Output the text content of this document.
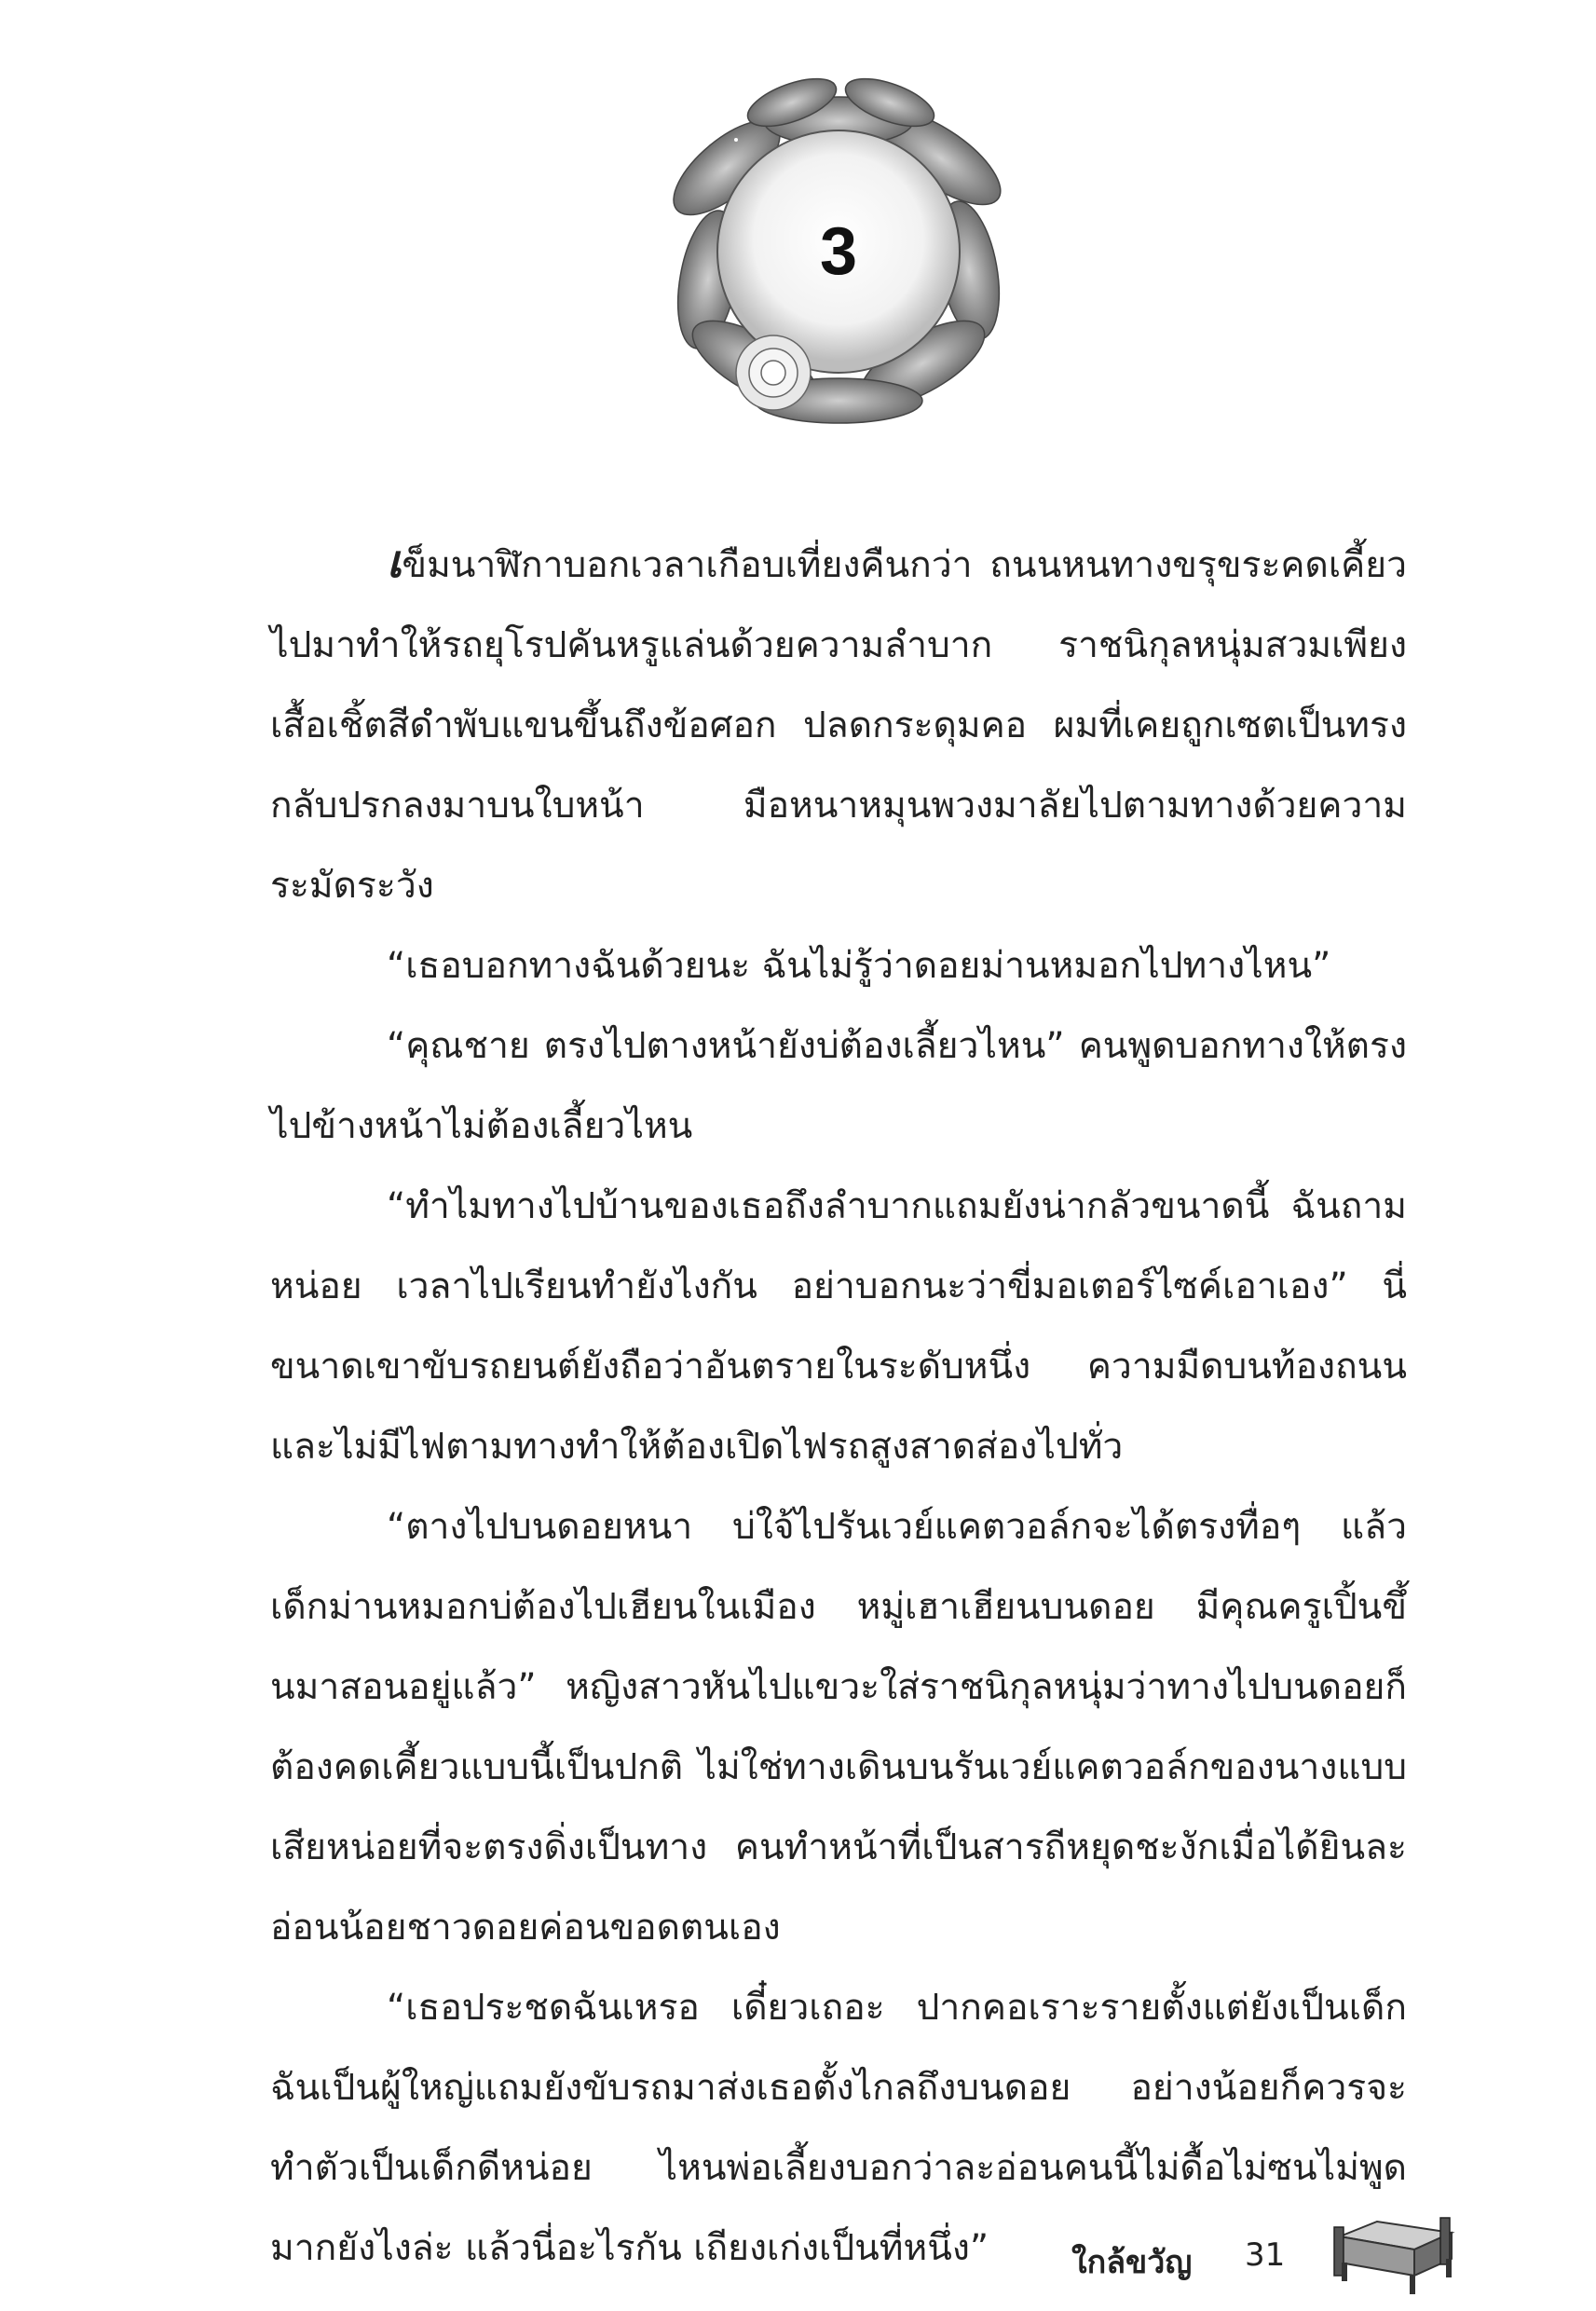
3

เข็มนาฬิกาบอกเวลาเกือบเที่ยงคืนกว่า ถนนหนทางขรุขระคดเคี้ยวไปมาทำให้รถยุโรปคันหรูแล่นด้วยความลำบาก ราชนิกุลหนุ่มสวมเพียงเสื้อเชิ้ตสีดำพับแขนขึ้นถึงข้อศอก ปลดกระดุมคอ ผมที่เคยถูกเซตเป็นทรงกลับปรกลงมาบนใบหน้า มือหนาหมุนพวงมาลัยไปตามทางด้วยความระมัดระวัง

“เธอบอกทางฉันด้วยนะ ฉันไม่รู้ว่าดอยม่านหมอกไปทางไหน”

“คุณชาย ตรงไปตางหน้ายังบ่ต้องเลี้ยวไหน” คนพูดบอกทางให้ตรงไปข้างหน้าไม่ต้องเลี้ยวไหน

“ทำไมทางไปบ้านของเธอถึงลำบากแถมยังน่ากลัวขนาดนี้ ฉันถามหน่อย เวลาไปเรียนทำยังไงกัน อย่าบอกนะว่าขี่มอเตอร์ไซค์เอาเอง” นี่ขนาดเขาขับรถยนต์ยังถือว่าอันตรายในระดับหนึ่ง ความมืดบนท้องถนนและไม่มีไฟตามทางทำให้ต้องเปิดไฟรถสูงสาดส่องไปทั่ว

“ตางไปบนดอยหนา บ่ใจ้ไปรันเวย์แคตวอล์กจะได้ตรงทื่อๆ แล้วเด็กม่านหมอกบ่ต้องไปเฮียนในเมือง หมู่เฮาเฮียนบนดอย มีคุณครูเปิ้นขึ้นมาสอนอยู่แล้ว” หญิงสาวหันไปแขวะใส่ราชนิกุลหนุ่มว่าทางไปบนดอยก็ต้องคดเคี้ยวแบบนี้เป็นปกติ ไม่ใช่ทางเดินบนรันเวย์แคตวอล์กของนางแบบเสียหน่อยที่จะตรงดิ่งเป็นทาง คนทำหน้าที่เป็นสารถีหยุดชะงักเมื่อได้ยินละอ่อนน้อยชาวดอยค่อนขอดตนเอง

“เธอประชดฉันเหรอ เดี๋ยวเถอะ ปากคอเราะรายตั้งแต่ยังเป็นเด็ก ฉันเป็นผู้ใหญ่แถมยังขับรถมาส่งเธอตั้งไกลถึงบนดอย อย่างน้อยก็ควรจะทำตัวเป็นเด็กดีหน่อย ไหนพ่อเลี้ยงบอกว่าละอ่อนคนนี้ไม่ดื้อไม่ซนไม่พูดมากยังไงล่ะ แล้วนี่อะไรกัน เถียงเก่งเป็นที่หนึ่ง”	ใกล้ขวัญ 31
